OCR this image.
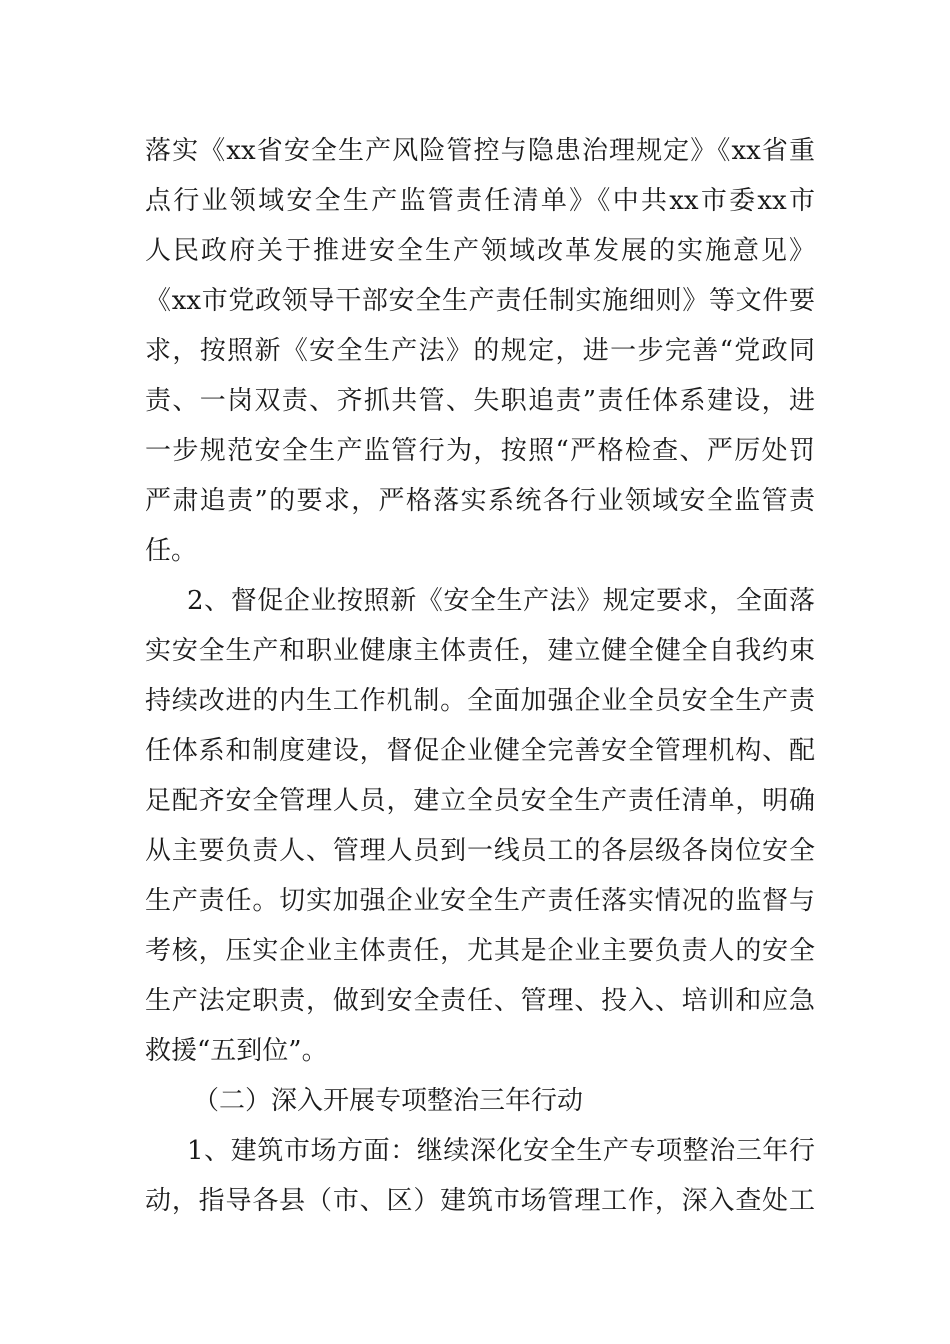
落实《xx省安全生产风险管控与隐患治理规定》《xx省重
点行业领域安全生产监管责任清单》《中共xx市委xx市
人民政府关于推进安全生产领域改革发展的实施意见》
《xx市党政领导干部安全生产责任制实施细则》等文件要
求，按照新《安全生产法》的规定，进一步完善“党政同
责、一岗双责、齐抓共管、失职追责”责任体系建设，进
一步规范安全生产监管行为，按照“严格检查、严厉处罚
严肃追责”的要求，严格落实系统各行业领域安全监管责
任。
2、督促企业按照新《安全生产法》规定要求，全面落
实安全生产和职业健康主体责任，建立健全健全自我约束
持续改进的内生工作机制。全面加强企业全员安全生产责
任体系和制度建设，督促企业健全完善安全管理机构、配
足配齐安全管理人员，建立全员安全生产责任清单，明确
从主要负责人、管理人员到一线员工的各层级各岗位安全
生产责任。切实加强企业安全生产责任落实情况的监督与
考核，压实企业主体责任，尤其是企业主要负责人的安全
生产法定职责，做到安全责任、管理、投入、培训和应急
救援“五到位”。
（二）深入开展专项整治三年行动
1、建筑市场方面：继续深化安全生产专项整治三年行
动，指导各县（市、区）建筑市场管理工作，深入查处工
